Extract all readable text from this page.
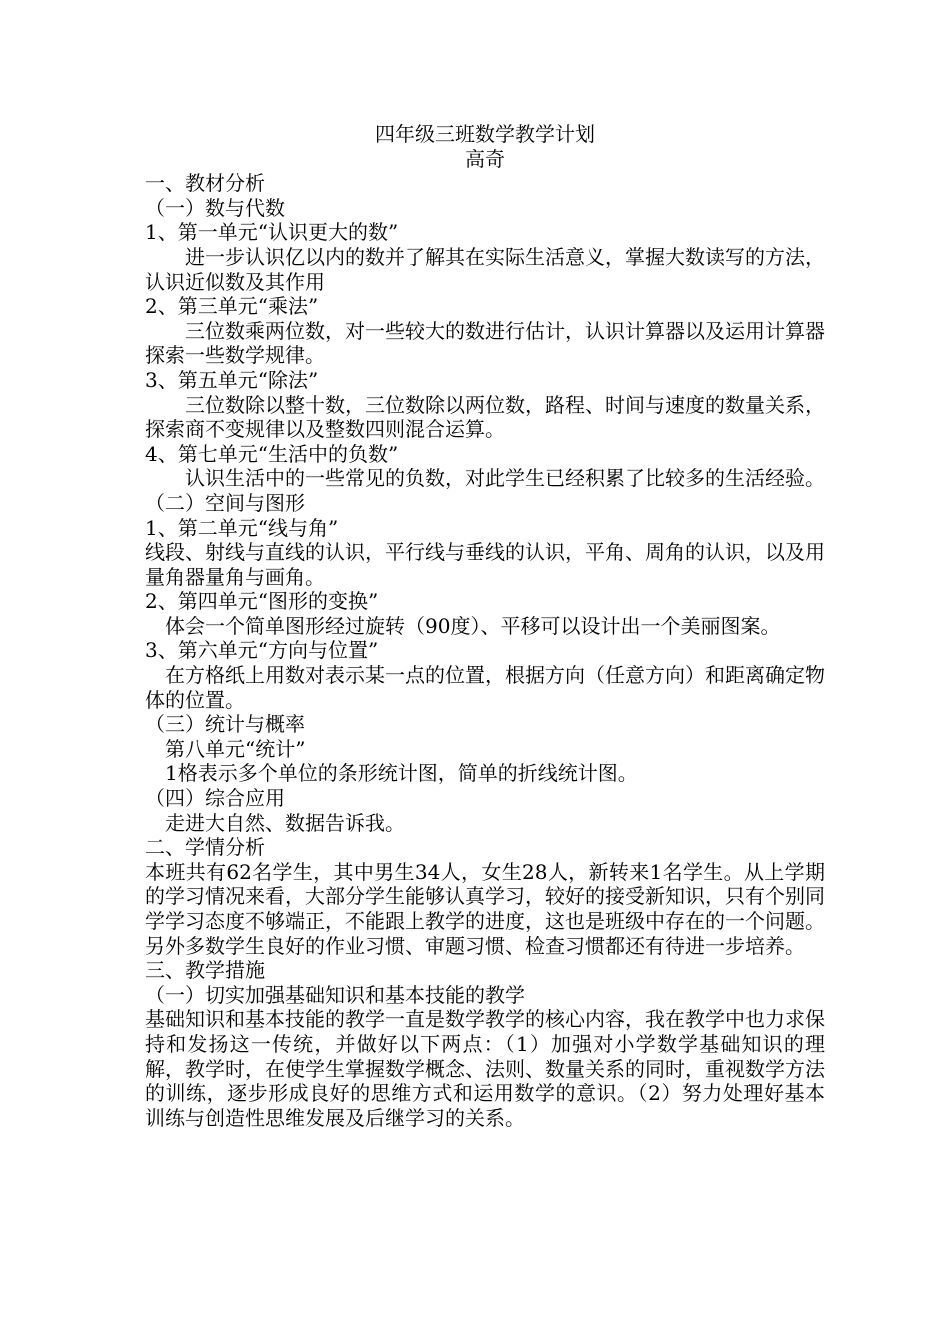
四年级三班数学教学计划

高奇

一、教材分析

（一）数与代数

1、第一单元“认识更大的数”

进一步认识亿以内的数并了解其在实际生活意义，掌握大数读写的方法，认识近似数及其作用

2、第三单元“乘法”

三位数乘两位数，对一些较大的数进行估计，认识计算器以及运用计算器探索一些数学规律。

3、第五单元“除法”

三位数除以整十数，三位数除以两位数，路程、时间与速度的数量关系，探索商不变规律以及整数四则混合运算。

4、第七单元“生活中的负数”

认识生活中的一些常见的负数，对此学生已经积累了比较多的生活经验。

（二）空间与图形

1、第二单元“线与角”

线段、射线与直线的认识，平行线与垂线的认识，平角、周角的认识，以及用量角器量角与画角。

2、第四单元“图形的变换”

体会一个简单图形经过旋转（90度）、平移可以设计出一个美丽图案。

3、第六单元“方向与位置”

在方格纸上用数对表示某一点的位置，根据方向（任意方向）和距离确定物体的位置。

（三）统计与概率

第八单元“统计”

1格表示多个单位的条形统计图，简单的折线统计图。

（四）综合应用

走进大自然、数据告诉我。

二、学情分析

本班共有62名学生，其中男生34人，女生28人，新转来1名学生。从上学期的学习情况来看，大部分学生能够认真学习，较好的接受新知识，只有个别同学学习态度不够端正，不能跟上教学的进度，这也是班级中存在的一个问题。另外多数学生良好的作业习惯、审题习惯、检查习惯都还有待进一步培养。

三、教学措施

（一）切实加强基础知识和基本技能的教学

基础知识和基本技能的教学一直是数学教学的核心内容，我在教学中也力求保持和发扬这一传统，并做好以下两点：（1）加强对小学数学基础知识的理解，教学时，在使学生掌握数学概念、法则、数量关系的同时，重视数学方法的训练，逐步形成良好的思维方式和运用数学的意识。（2）努力处理好基本训练与创造性思维发展及后继学习的关系。
